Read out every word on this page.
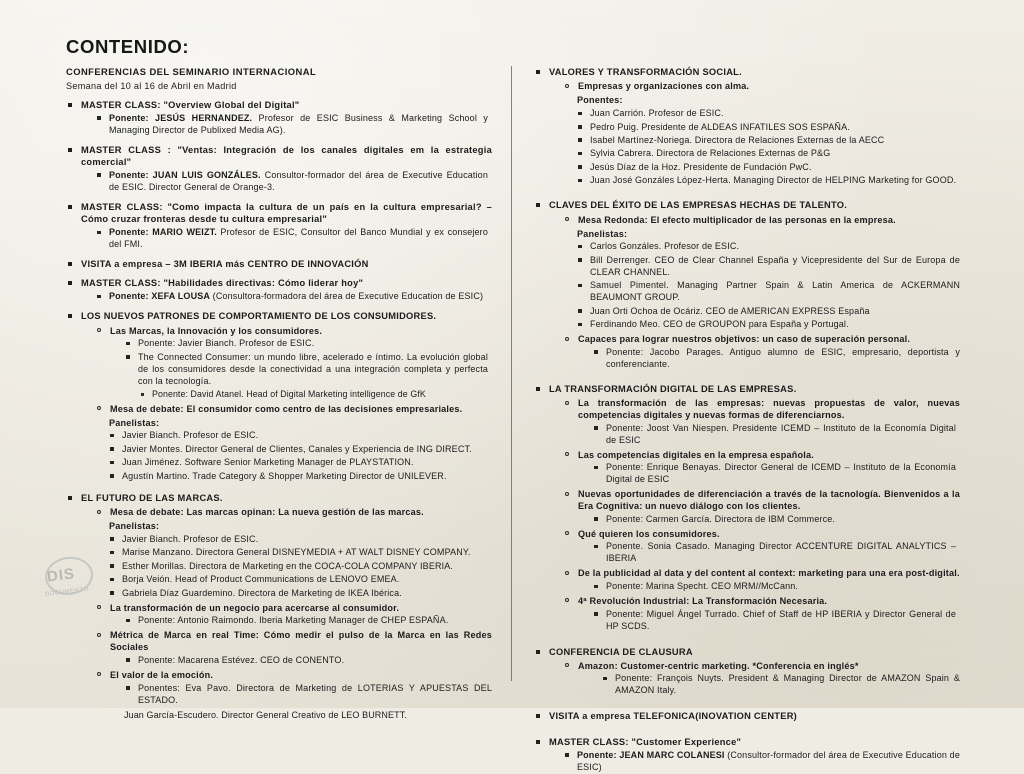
CONTENIDO:
CONFERENCIAS DEL SEMINARIO INTERNACIONAL
Semana del 10 al 16 de Abril en Madrid
MASTER CLASS: "Overview Global del Digital"
Ponente: JESÚS HERNANDEZ. Profesor de ESIC Business & Marketing School y Managing Director de Publixed Media AG).
MASTER CLASS : "Ventas: Integración de los canales digitales em la estrategia comercial"
Ponente: JUAN LUIS GONZÁLES. Consultor-formador del área de Executive Education de ESIC. Director General de Orange-3.
MASTER CLASS: "Como impacta la cultura de un país en la cultura empresarial? – Cómo cruzar fronteras desde tu cultura empresarial"
Ponente: MARIO WEIZT. Profesor de ESIC, Consultor del Banco Mundial y ex consejero del FMI.
VISITA a empresa – 3M IBERIA más CENTRO DE INNOVACIÓN
MASTER CLASS: "Habilidades directivas: Cómo liderar hoy"
Ponente: XEFA LOUSA (Consultora-formadora del área de Executive Education de ESIC)
LOS NUEVOS PATRONES DE COMPORTAMIENTO DE LOS CONSUMIDORES.
Las Marcas, la Innovación y los consumidores.
Ponente: Javier Bianch. Profesor de ESIC.
The Connected Consumer: un mundo libre, acelerado e íntimo. La evolución global de los consumidores desde la conectividad a una integración completa y perfecta con la tecnología.
Ponente: David Atanel. Head of Digital Marketing intelligence de GfK
Mesa de debate: El consumidor como centro de las decisiones empresariales.
Panelistas:
Javier Bianch. Profesor de ESIC.
Javier Montes. Director General de Clientes, Canales y Experiencia de ING DIRECT.
Juan Jiménez. Software Senior Marketing Manager de PLAYSTATION.
Agustín Martino. Trade Category & Shopper Marketing Director de UNILEVER.
EL FUTURO DE LAS MARCAS.
Mesa de debate: Las marcas opinan: La nueva gestión de las marcas.
Panelistas:
Javier Bianch. Profesor de ESIC.
Marise Manzano. Directora General DISNEYMEDIA + AT WALT DISNEY COMPANY.
Esther Morillas. Directora de Marketing en the COCA-COLA COMPANY IBERIA.
Borja Veión. Head of Product Communications de LENOVO EMEA.
Gabriela Díaz Guardemino. Directora de Marketing de IKEA Ibérica.
La transformación de un negocio para acercarse al consumidor.
Ponente: Antonio Raimondo. Iberia Marketing Manager de CHEP ESPAÑA.
Métrica de Marca en real Time: Cómo medir el pulso de la Marca en las Redes Sociales
Ponente: Macarena Estévez. CEO de CONENTO.
El valor de la emoción.
Ponentes: Eva Pavo. Directora de Marketing de LOTERIAS Y APUESTAS DEL ESTADO.
Juan García-Escudero. Director General Creativo de LEO BURNETT.
VALORES Y TRANSFORMACIÓN SOCIAL.
Empresas y organizaciones con alma.
Ponentes:
Juan Carrión. Profesor de ESIC.
Pedro Puig. Presidente de ALDEAS INFATILES SOS ESPAÑA.
Isabel Martínez-Noriega. Directora de Relaciones Externas de la AECC
Sylvia Cabrera. Directora de Relaciones Externas de P&G
Jesús Díaz de la Hoz. Presidente de Fundación PwC.
Juan José Gonzáles López-Herta. Managing Director de HELPING Marketing for GOOD.
CLAVES DEL ÉXITO DE LAS EMPRESAS HECHAS DE TALENTO.
Mesa Redonda: El efecto multiplicador de las personas en la empresa.
Panelistas:
Carlos Gonzáles. Profesor de ESIC.
Bill Derrenger. CEO de Clear Channel España y Vicepresidente del Sur de Europa de CLEAR CHANNEL.
Samuel Pimentel. Managing Partner Spain & Latin America de ACKERMANN BEAUMONT GROUP.
Juan Orti Ochoa de Ocáriz. CEO de AMERICAN EXPRESS España
Ferdinando Meo. CEO de GROUPON para España y Portugal.
Capaces para lograr nuestros objetivos: un caso de superación personal.
Ponente: Jacobo Parages. Antiguo alumno de ESIC, empresario, deportista y conferenciante.
LA TRANSFORMACIÓN DIGITAL DE LAS EMPRESAS.
La transformación de las empresas: nuevas propuestas de valor, nuevas competencias digitales y nuevas formas de diferenciarnos.
Ponente: Joost Van Niespen. Presidente ICEMD – Instituto de la Economía Digital de ESIC
Las competencias digitales en la empresa española.
Ponente: Enrique Benayas. Director General de ICEMD – Instituto de la Economía Digital de ESIC
Nuevas oportunidades de diferenciación a través de la tacnología. Bienvenidos a la Era Cognitiva: un nuevo diálogo con los clientes.
Ponente: Carmen García. Directora de IBM Commerce.
Qué quieren los consumidores.
Ponente. Sonia Casado. Managing Director ACCENTURE DIGITAL ANALYTICS – IBERIA
De la publicidad al data y del content al context: marketing para una era post-digital.
Ponente: Marina Specht. CEO MRM//McCann.
4ª Revolución Industrial: La Transformación Necesaria.
Ponente: Miguel Ángel Turrado. Chief of Staff de HP IBERIA y Director General de HP SCDS.
CONFERENCIA DE CLAUSURA
Amazon: Customer-centric marketing. *Conferencia en inglés*
Ponente: François Nuyts. President & Managing Director de AMAZON Spain & AMAZON Italy.
VISITA a empresa TELEFONICA(INOVATION CENTER)
MASTER CLASS: "Customer Experience"
Ponente: JEAN MARC COLANESI (Consultor-formador del área de Executive Education de ESIC)
DIS
DOCUMENTO
